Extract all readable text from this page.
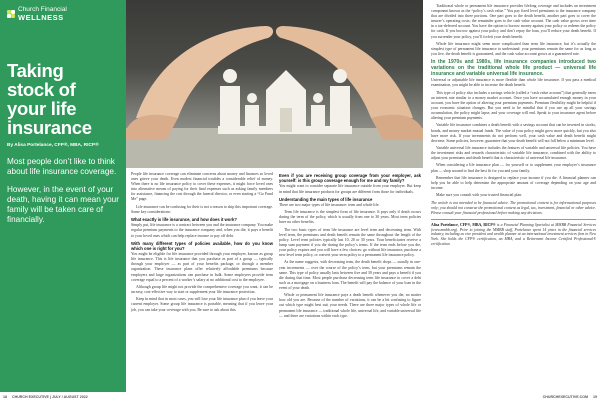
Church Financial
WELLNESS
Taking
stock of
your life
insurance
By Alisa Portelance, CFP®, MBA, RICP®

Most people don’t like to think about life insurance coverage.

However, in the event of your death, having it can mean your family will be taken care of financially.

People life insurance coverage can eliminate concerns about money and finances so loved ones grieve your death. Even modest financial troubles a considerable relief of money. When there is no life insurance policy to cover these expenses, it might force loved ones into alternative means of paying for their final expenses such as asking family members for assistance, financing the cost through the funeral director, or even starting a “Go Fund Me” page.

Life insurance can be confusing for their is not a reason to skip this important coverage. Some key considerations:

What exactly is life insurance, and how does it work?

Simply put, life insurance is a contract between you and the insurance company. You make regular premium payments to the insurance company and, when you die, it pays a benefit to your loved ones which can help replace income or pay off debt.

With many different types of policies available, how do you know which one is right for you?

You might be eligible for life insurance provided through your employer, known as group life insurance. This is life insurance that you purchase as part of a group — typically through your employer — as part of your benefits package, or through a member organization. These insurance plans offer relatively affordable premiums because employers and large organizations can purchase in bulk. Some employers provide term coverage equal to a percent of a worker’s salary at no additional cost to the employee.

Although group life might not provide the comprehensive coverage you want, it can be an easy, cost-effective way to start or supplement your life insurance protection.

Keep in mind that in most cases, you will lose your life insurance plan if you leave your current employer. Some group life insurance is portable, meaning that if you leave your job, you can take your coverage with you. Be sure to ask about this.

Even if you are receiving group coverage from your employer, ask yourself: is this group coverage enough for me and my family?

You might want to consider separate life insurance outside from your employer. But keep in mind that life insurance products for groups are different from those for individuals.

Understanding the main types of life insurance

There are two major types of life insurance: term and whole life.

Term life insurance is the simplest form of life insurance. It pays only if death occurs during the term of the policy, which is usually from one to 30 years. Most term policies have no other benefits.

The two basic types of term life insurance are level term and decreasing term. With level term, the premiums and death benefit remain the same throughout the length of the policy. Level term policies typically last 10, 20 or 30 years. Your beneficiaries receive a lump sum payment if you die during the policy’s terms. If the term ends before you die, your policy expires and you will have a few choices: go without life insurance, purchase a new level term policy, or convert your term policy to a permanent life insurance policy.

As the name suggests, with decreasing term, the death benefit drops — usually in one-year increments — over the course of the policy’s term, but your premiums remain the same. This type of policy usually lasts between five and 30 years and pays a benefit if you die during that time. Most people purchase decreasing term life insurance to cover a debt such as a mortgage on a business loan. The benefit will pay the balance of your loan in the event of your death.

Whole or permanent life insurance pays a death benefit whenever you die, no matter how old you are. Because of the number of variations, it can be a bit confusing to figure out which type might best suit your needs. There are three major types of whole life or permanent life insurance — traditional whole life, universal life, and variable universal life — and there are variations within each type.

Traditional whole or permanent life insurance provides lifelong coverage and includes an investment component known as the “policy’s cash value.” You pay fixed level premiums to the insurance company that are divided into three portions. One part goes to the death benefit, another part goes to cover the insurer’s operating costs; the remainder goes to the cash value account. The cash value grows over time in a tax-deferred account. You have the option to borrow money against your policy or redeem the policy for cash. If you borrow against your policy and don’t repay the loan, you’ll reduce your death benefit. If you surrender your policy, you’ll forfeit your death benefit.

Whole life insurance might seem more complicated than term life insurance, but it’s actually the simplest type of permanent life insurance to understand: your premiums remain the same for as long as you live, the death benefit is guaranteed, and the cash value account grows at a guaranteed rate.

In the 1970s and 1980s, life insurance companies introduced two variations on the traditional whole life product — universal life insurance and variable universal life insurance.

Universal or adjustable life insurance is more flexible than whole life insurance. If you pass a medical examination, you might be able to increase the death benefit.

This type of policy also includes a savings vehicle (called a “cash value account”) that generally earns an interest rate similar to a money market account. Once you have accumulated enough money in your account, you have the option of altering your premium payments. Premium flexibility might be helpful if your economic situation changes. But you need to be mindful that if you use up all your savings accumulation, the policy might lapse, and your coverage will end. Speak to your insurance agent before altering your premium payments.

Variable life insurance combines a death benefit with a savings account that can be invested in stocks, bonds, and money market mutual funds. The value of your policy might grow more quickly, but you also have more risk. If your investments do not perform well, your cash value and death benefit might decrease. Some policies, however, guarantee that your death benefit will not fall below a minimum level.

Variable universal life insurance includes the features of variable and universal life policies. You have the investment risks and rewards characteristic of variable life insurance, combined with the ability to adjust your premiums and death benefit that is characteristic of universal life insurance.

When considering a life insurance plan — for yourself or to supplement your employer’s insurance plan — shop around to find the best fit for you and your family.

Remember that life insurance is designed to replace your income if you die. A financial planner can help you be able to help determine the appropriate amount of coverage depending on your age and income.

Make sure you consult with your trusted financial plan.

The article is not intended to be financial advice. The promotional content is for informational purposes only; you should not construe the promotional content as legal, tax, investment, financial or other advice. Please consult your financial professional before making any decisions.

Alisa Portelance, CFP®, MBA, RICP® is a Financial Planning Specialist at MMBB Financial Services (www.mmbb.org). Prior to joining the MMBB staff, Portelance spent 14 years in the financial services industry, including as vice president and wealth planner at an international investment services firm in New York. She holds the CFP® certification, an MBA, and a Retirement Income Certified Professional® certification.

18 CHURCH EXECUTIVE | JULY / AUGUST 2022	CHURCHEXECUTIVE.COM 19
